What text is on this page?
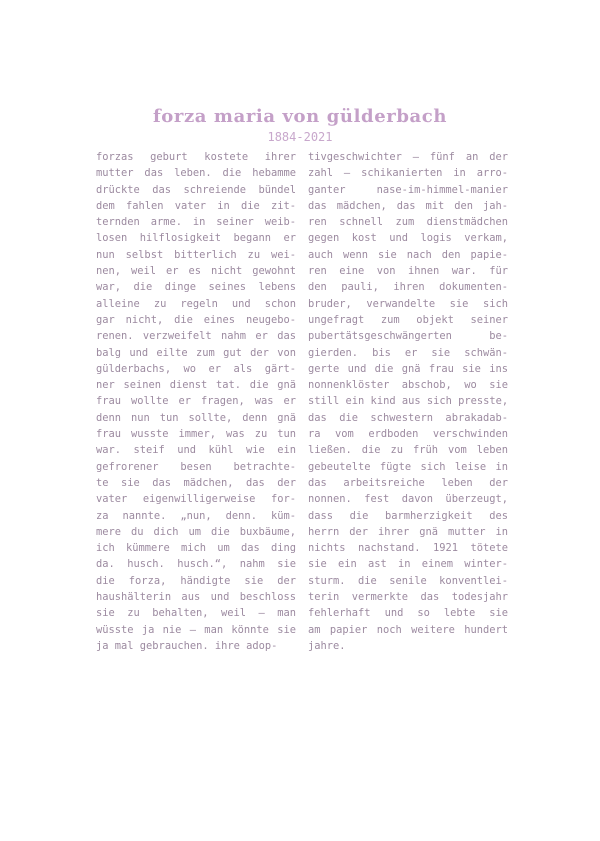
forza maria von gülderbach
1884-2021
forzas geburt kostete ihrer
mutter das leben. die hebamme
drückte das schreiende bündel
dem fahlen vater in die zit-
ternden arme. in seiner weib-
losen hilflosigkeit begann er
nun selbst bitterlich zu wei-
nen, weil er es nicht gewohnt
war, die dinge seines lebens
alleine zu regeln und schon
gar nicht, die eines neugebo-
renen. verzweifelt nahm er das
balg und eilte zum gut der von
gülderbachs, wo er als gärt-
ner seinen dienst tat. die gnä
frau wollte er fragen, was er
denn nun tun sollte, denn gnä
frau wusste immer, was zu tun
war. steif und kühl wie ein
gefrorener besen betrachte-
te sie das mädchen, das der
vater eigenwilligerweise for-
za nannte. „nun, denn. küm-
mere du dich um die buxbäume,
ich kümmere mich um das ding
da. husch. husch.“, nahm sie
die forza, händigte sie der
haushälterin aus und beschloss
sie zu behalten, weil – man
wüsste ja nie – man könnte sie
ja mal gebrauchen. ihre adop-
tivgeschwichter – fünf an der
zahl – schikanierten in arro-
ganter nase-im-himmel-manier
das mädchen, das mit den jah-
ren schnell zum dienstmädchen
gegen kost und logis verkam,
auch wenn sie nach den papie-
ren eine von ihnen war. für
den pauli, ihren dokumenten-
bruder, verwandelte sie sich
ungefragt zum objekt seiner
pubertätsgeschwängerten be-
gierden. bis er sie schwän-
gerte und die gnä frau sie ins
nonnenklöster abschob, wo sie
still ein kind aus sich presste,
das die schwestern abrakadab-
ra vom erdboden verschwinden
ließen. die zu früh vom leben
gebeutelte fügte sich leise in
das arbeitsreiche leben der
nonnen. fest davon überzeugt,
dass die barmherzigkeit des
herrn der ihrer gnä mutter in
nichts nachstand. 1921 tötete
sie ein ast in einem winter-
sturm. die senile konventlei-
terin vermerkte das todesjahr
fehlerhaft und so lebte sie
am papier noch weitere hundert
jahre.
